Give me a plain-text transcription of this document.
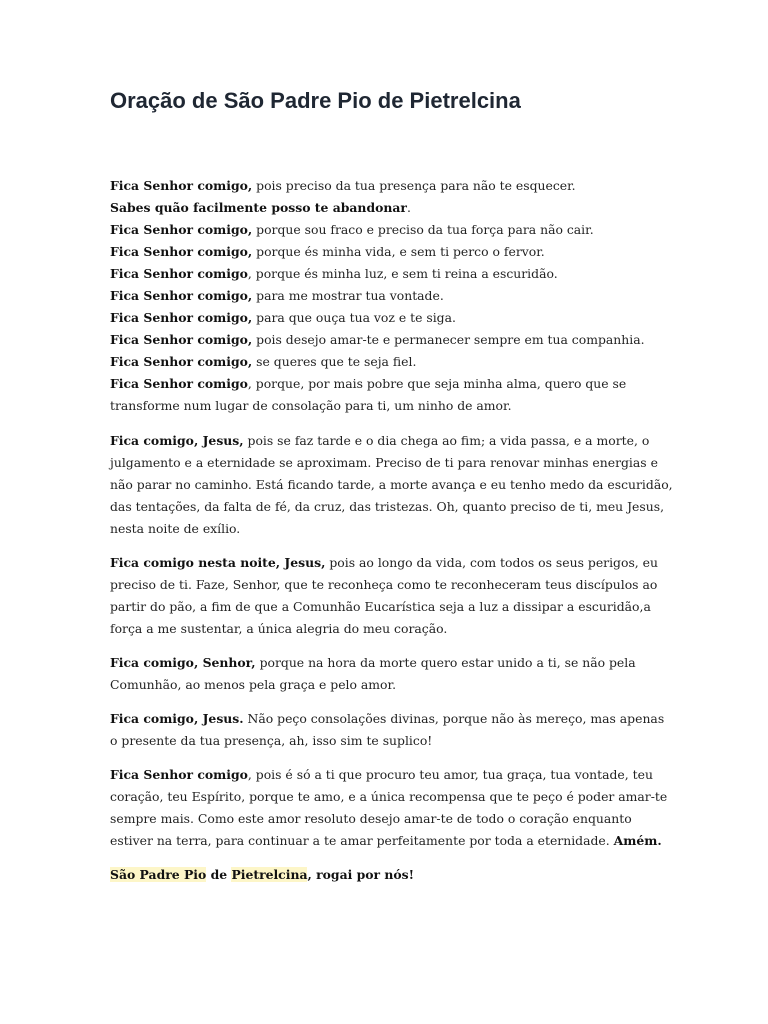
Oração de São Padre Pio de Pietrelcina
Fica Senhor comigo, pois preciso da tua presença para não te esquecer.
Sabes quão facilmente posso te abandonar.
Fica Senhor comigo, porque sou fraco e preciso da tua força para não cair.
Fica Senhor comigo, porque és minha vida, e sem ti perco o fervor.
Fica Senhor comigo, porque és minha luz, e sem ti reina a escuridão.
Fica Senhor comigo, para me mostrar tua vontade.
Fica Senhor comigo, para que ouça tua voz e te siga.
Fica Senhor comigo, pois desejo amar-te e permanecer sempre em tua companhia.
Fica Senhor comigo, se queres que te seja fiel.
Fica Senhor comigo, porque, por mais pobre que seja minha alma, quero que se
transforme num lugar de consolação para ti, um ninho de amor.
Fica comigo, Jesus, pois se faz tarde e o dia chega ao fim; a vida passa, e a morte, o
julgamento e a eternidade se aproximam. Preciso de ti para renovar minhas energias e
não parar no caminho. Está ficando tarde, a morte avança e eu tenho medo da escuridão,
das tentações, da falta de fé, da cruz, das tristezas. Oh, quanto preciso de ti, meu Jesus,
nesta noite de exílio.
Fica comigo nesta noite, Jesus, pois ao longo da vida, com todos os seus perigos, eu
preciso de ti. Faze, Senhor, que te reconheça como te reconheceram teus discípulos ao
partir do pão, a fim de que a Comunhão Eucarística seja a luz a dissipar a escuridão,a
força a me sustentar, a única alegria do meu coração.
Fica comigo, Senhor, porque na hora da morte quero estar unido a ti, se não pela
Comunhão, ao menos pela graça e pelo amor.
Fica comigo, Jesus. Não peço consolações divinas, porque não às mereço, mas apenas
o presente da tua presença, ah, isso sim te suplico!
Fica Senhor comigo, pois é só a ti que procuro teu amor, tua graça, tua vontade, teu
coração, teu Espírito, porque te amo, e a única recompensa que te peço é poder amar-te
sempre mais. Como este amor resoluto desejo amar-te de todo o coração enquanto
estiver na terra, para continuar a te amar perfeitamente por toda a eternidade. Amém.
São Padre Pio de Pietrelcina, rogai por nós!
